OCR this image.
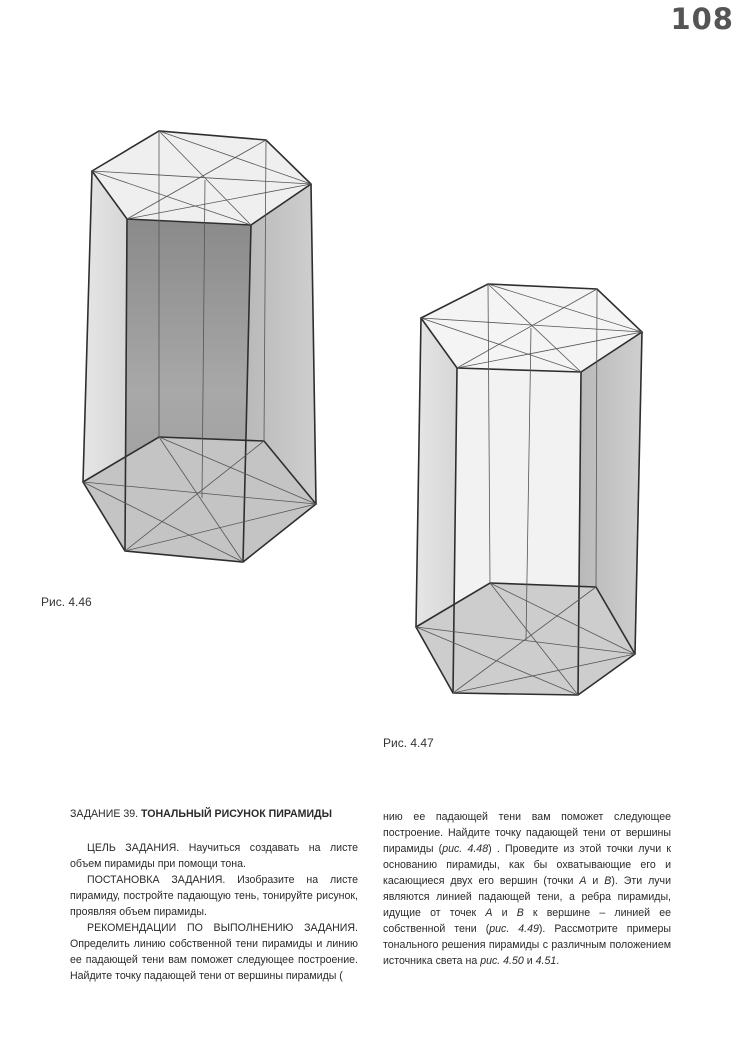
108
Рис. 4.46
Рис. 4.47

ЗАДАНИЕ 39. ТОНАЛЬНЫЙ РИСУНОК ПИРАМИДЫ

ЦЕЛЬ ЗАДАНИЯ. Научиться создавать на листе объем пирамиды при помощи тона.

ПОСТАНОВКА ЗАДАНИЯ. Изобразите на листе пирамиду, постройте падающую тень, тонируйте рисунок, проявляя объем пирамиды.

РЕКОМЕНДАЦИИ ПО ВЫПОЛНЕНИЮ ЗАДАНИЯ. Определить линию собственной тени пирамиды и линию ее падающей тени вам поможет следующее построение. Найдите точку падающей тени от вершины пирамиды (

нию ее падающей тени вам поможет следующее построение. Найдите точку падающей тени от вершины пирамиды (рис. 4.48) . Проведите из этой точки лучи к основанию пирамиды, как бы охватывающие его и касающиеся двух его вершин (точки А и В). Эти лучи являются линией падающей тени, а ребра пирамиды, идущие от точек А и В к вершине – линией ее собственной тени (рис. 4.49). Рассмотрите примеры тонального решения пирамиды с различным положением источника света на рис. 4.50 и 4.51.
